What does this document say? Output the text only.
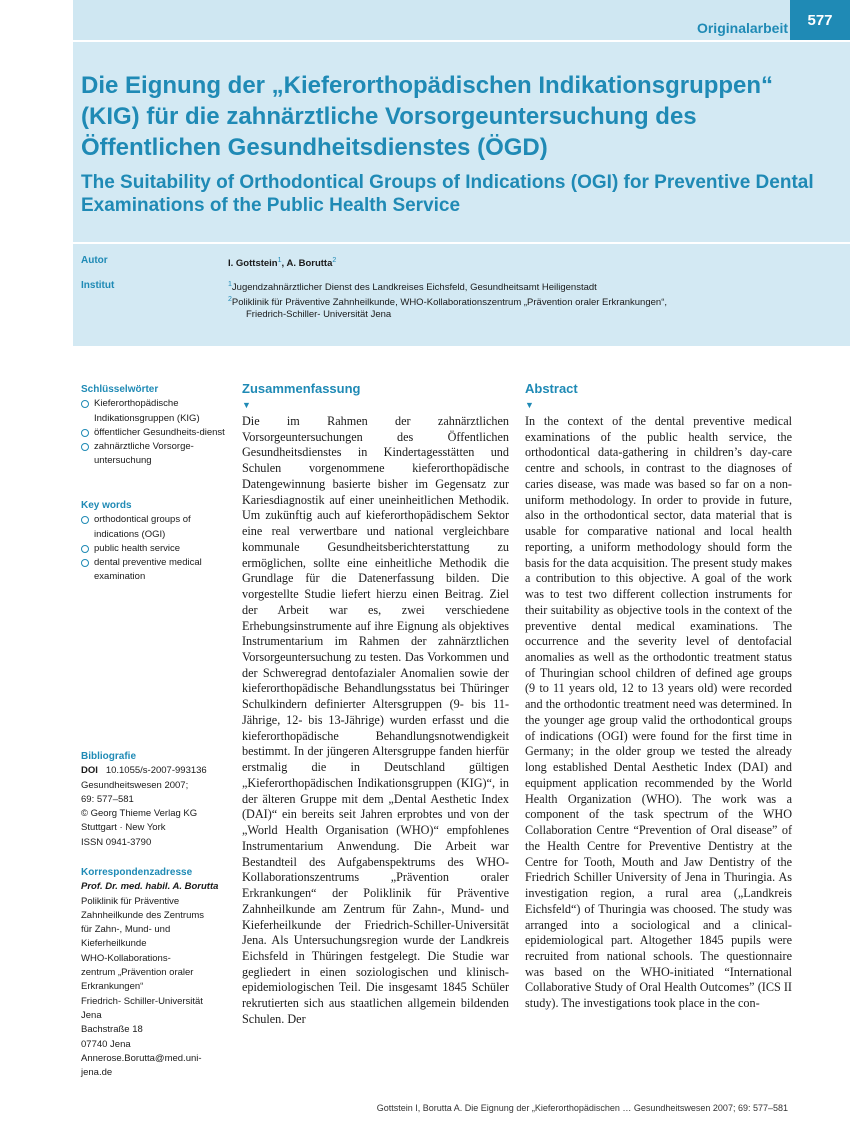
Originalarbeit	577
Die Eignung der „Kieferorthopädischen Indikationsgruppen“ (KIG) für die zahnärztliche Vorsorgeuntersuchung des Öffentlichen Gesundheitsdienstes (ÖGD)
The Suitability of Orthodontical Groups of Indications (OGI) for Preventive Dental Examinations of the Public Health Service
Autor	I. Gottstein$^1$, A. Borutta$^2$
Institut	$^1$Jugendzahnärztlicher Dienst des Landkreises Eichsfeld, Gesundheitsamt Heiligenstadt

$^2$Poliklinik für Präventive Zahnheilkunde, WHO-Kollaborationszentrum „Prävention oraler Erkrankungen“,

Friedrich-Schiller- Universität Jena

Schlüsselwörter

Kieferorthopädische Indikationsgruppen (KIG)
öffentlicher Gesundheits-dienst
zahnärztliche Vorsorge-untersuchung

Key words

orthodontical groups of indications (OGI)
public health service
dental preventive medical examination

Bibliografie

DOI 10.1055/s-2007-993136

Gesundheitswesen 2007;

69: 577–581

© Georg Thieme Verlag KG

Stuttgart · New York

ISSN 0941-3790

Korrespondenzadresse

Prof. Dr. med. habil. A. Borutta

Poliklinik für Präventive

Zahnheilkunde des Zentrums

für Zahn-, Mund- und

Kieferheilkunde

WHO-Kollaborations-

zentrum „Prävention oraler

Erkrankungen“

Friedrich- Schiller-Universität

Jena

Bachstraße 18

07740 Jena

Annerose.Borutta@med.uni-

jena.de

Zusammenfassung
▼

Die im Rahmen der zahnärztlichen Vorsorgeuntersuchungen des Öffentlichen Gesundheitsdienstes in Kindertagesstätten und Schulen vorgenommene kieferorthopädische Datengewinnung basierte bisher im Gegensatz zur Kariesdiagnostik auf einer uneinheitlichen Methodik. Um zukünftig auch auf kieferorthopädischem Sektor eine real verwertbare und national vergleichbare kommunale Gesundheitsberichterstattung zu ermöglichen, sollte eine einheitliche Methodik die Grundlage für die Datenerfassung bilden. Die vorgestellte Studie liefert hierzu einen Beitrag. Ziel der Arbeit war es, zwei verschiedene Erhebungsinstrumente auf ihre Eignung als objektives Instrumentarium im Rahmen der zahnärztlichen Vorsorgeuntersuchung zu testen. Das Vorkommen und der Schweregrad dentofazialer Anomalien sowie der kieferorthopädische Behandlungsstatus bei Thüringer Schulkindern definierter Altersgruppen (9- bis 11-Jährige, 12- bis 13-Jährige) wurden erfasst und die kieferorthopädische Behandlungsnotwendigkeit bestimmt. In der jüngeren Altersgruppe fanden hierfür erstmalig die in Deutschland gültigen „Kieferorthopädischen Indikationsgruppen (KIG)“, in der älteren Gruppe mit dem „Dental Aesthetic Index (DAI)“ ein bereits seit Jahren erprobtes und von der „World Health Organisation (WHO)“ empfohlenes Instrumentarium Anwendung. Die Arbeit war Bestandteil des Aufgabenspektrums des WHO-Kollaborationszentrums „Prävention oraler Erkrankungen“ der Poliklinik für Präventive Zahnheilkunde am Zentrum für Zahn-, Mund- und Kieferheilkunde der Friedrich-Schiller-Universität Jena. Als Untersuchungsregion wurde der Landkreis Eichsfeld in Thüringen festgelegt. Die Studie war gegliedert in einen soziologischen und klinisch-epidemiologischen Teil. Die insgesamt 1845 Schüler rekrutierten sich aus staatlichen allgemein bildenden Schulen. Der

Abstract
▼

In the context of the dental preventive medical examinations of the public health service, the orthodontical data-gathering in children’s day-care centre and schools, in contrast to the diagnoses of caries disease, was made was based so far on a non-uniform methodology. In order to provide in future, also in the orthodontical sector, data material that is usable for comparative national and local health reporting, a uniform methodology should form the basis for the data acquisition. The present study makes a contribution to this objective. A goal of the work was to test two different collection instruments for their suitability as objective tools in the context of the preventive dental medical examinations. The occurrence and the severity level of dentofacial anomalies as well as the orthodontic treatment status of Thuringian school children of defined age groups (9 to 11 years old, 12 to 13 years old) were recorded and the orthodontic treatment need was determined. In the younger age group valid the orthodontical groups of indications (OGI) were found for the first time in Germany; in the older group we tested the already long established Dental Aesthetic Index (DAI) and equipment application recommended by the World Health Organization (WHO). The work was a component of the task spectrum of the WHO Collaboration Centre “Prevention of Oral disease” of the Health Centre for Preventive Dentistry at the Centre for Tooth, Mouth and Jaw Dentistry of the Friedrich Schiller University of Jena in Thuringia. As investigation region, a rural area („Landkreis Eichsfeld“) of Thuringia was choosed. The study was arranged into a sociological and a clinical-epidemiological part. Altogether 1845 pupils were recruited from national schools. The questionnaire was based on the WHO-initiated “International Collaborative Study of Oral Health Outcomes” (ICS II study). The investigations took place in the con-

Gottstein I, Borutta A. Die Eignung der „Kieferorthopädischen … Gesundheitswesen 2007; 69: 577–581
